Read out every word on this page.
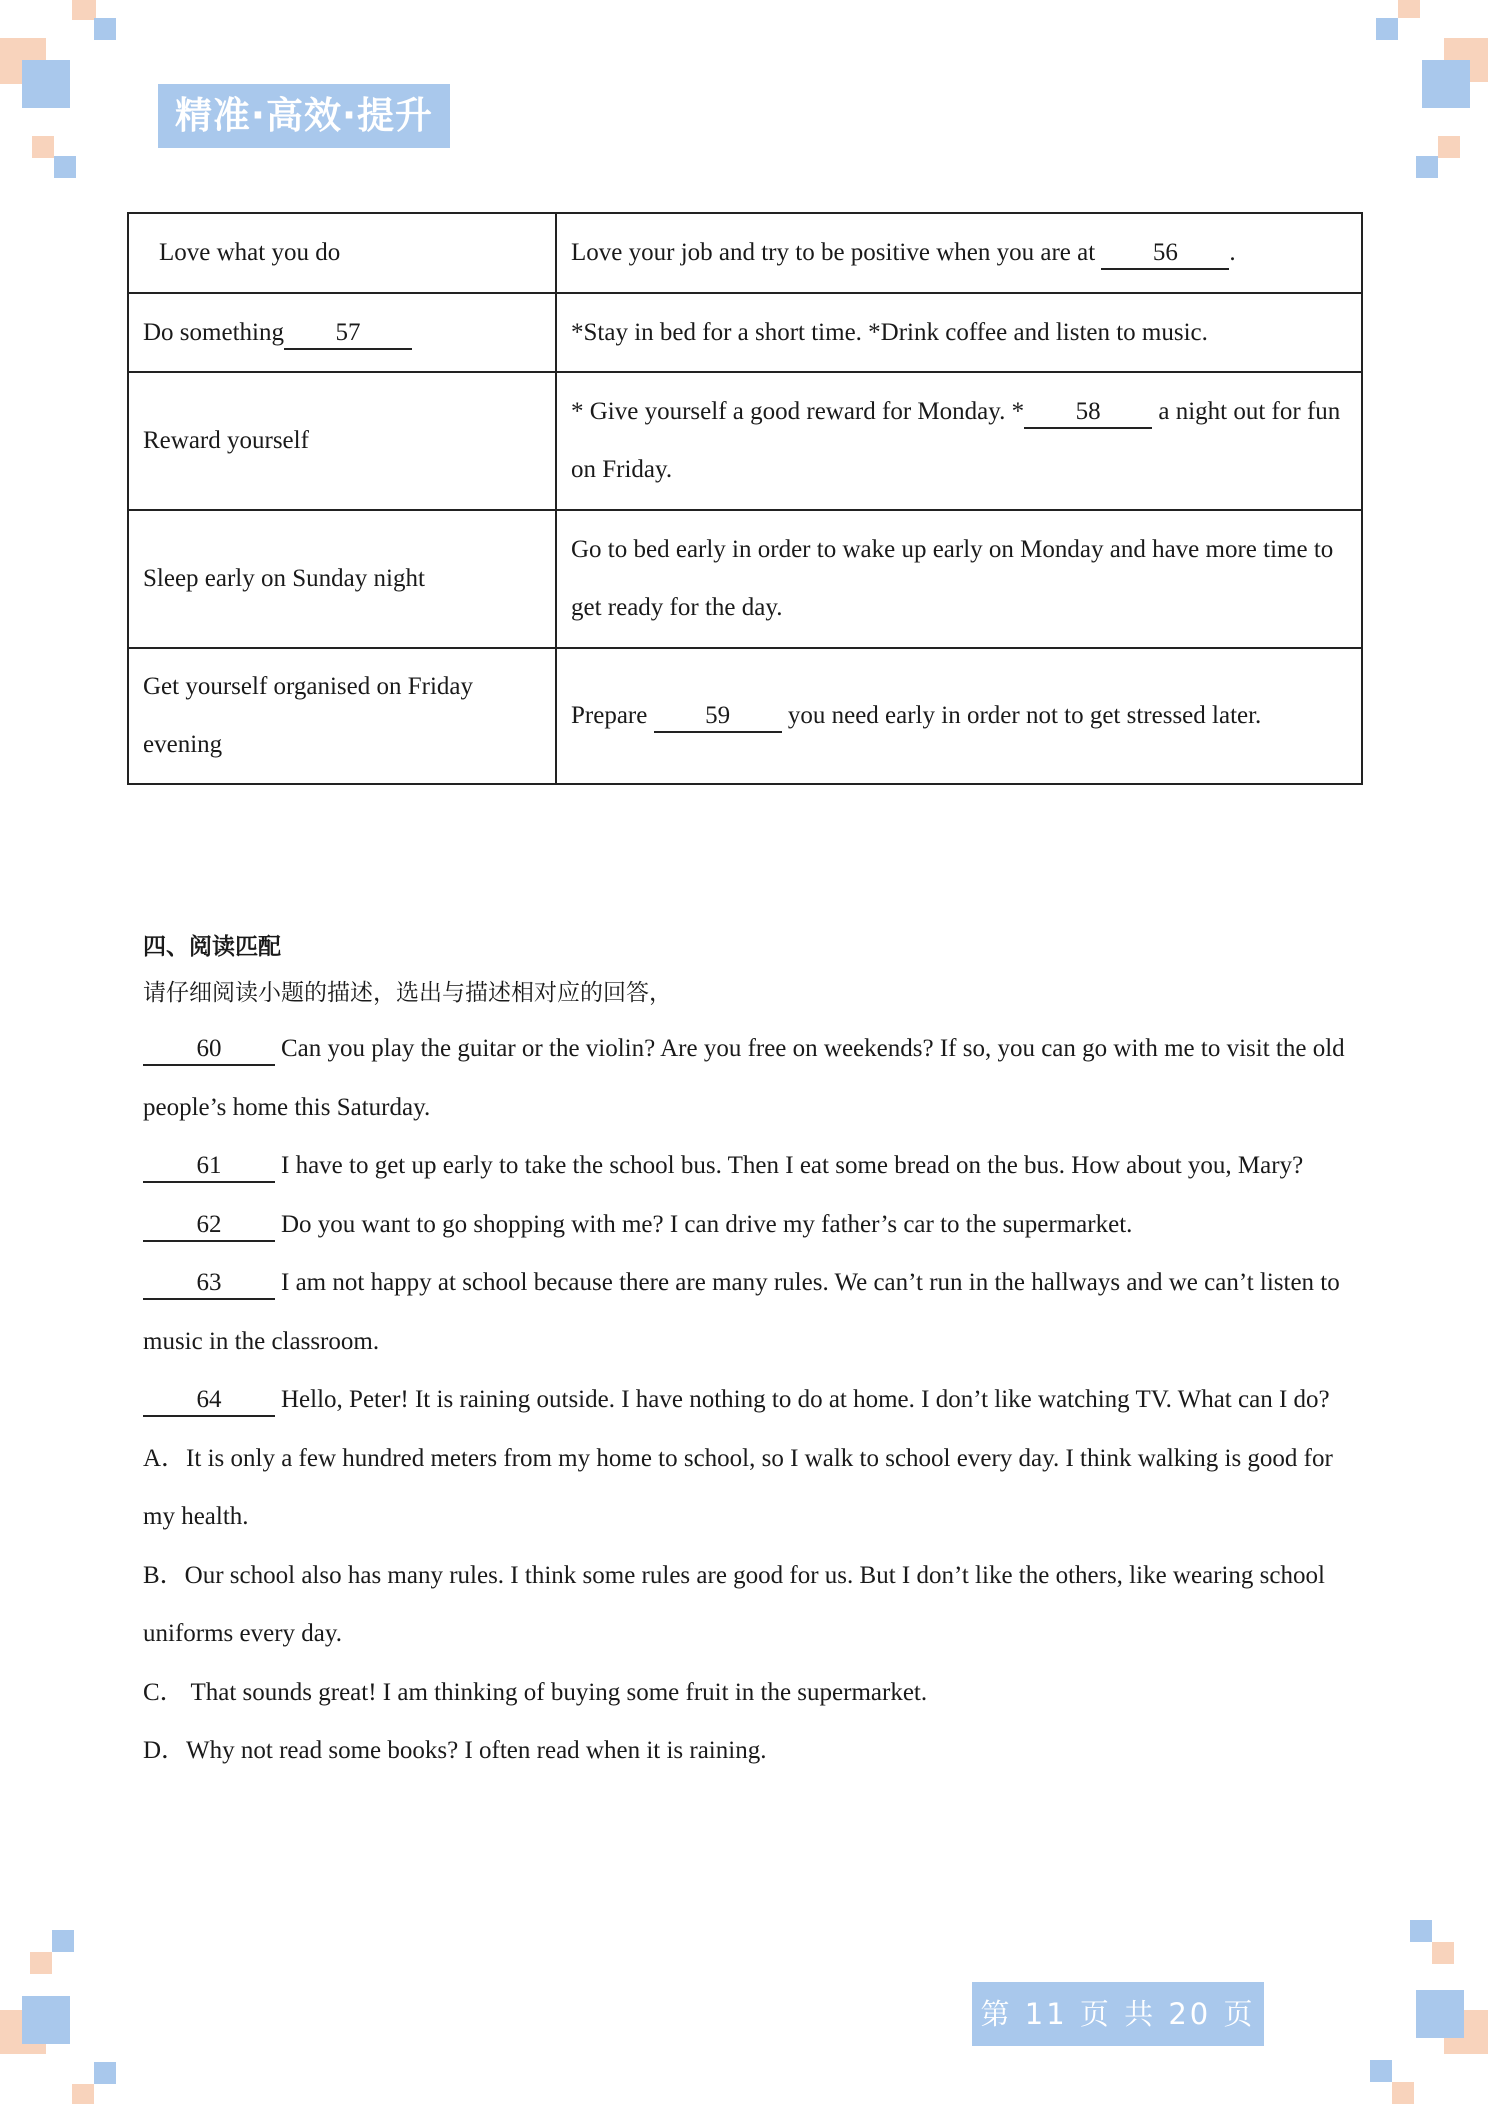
精准·高效·提升
Love what you do	Love your job and try to be positive when you are at 56 .
Do something 57	*Stay in bed for a short time. *Drink coffee and listen to music.
Reward yourself	* Give yourself a good reward for Monday. * 58 a night out for fun on Friday.
Sleep early on Sunday night	Go to bed early in order to wake up early on Monday and have more time to get ready for the day.
Get yourself organised on Friday evening	Prepare 59 you need early in order not to get stressed later.
四、阅读匹配
请仔细阅读小题的描述，选出与描述相对应的回答，

60 Can you play the guitar or the violin? Are you free on weekends? If so, you can go with me to visit the old people’s home this Saturday.

61 I have to get up early to take the school bus. Then I eat some bread on the bus. How about you, Mary?

62 Do you want to go shopping with me? I can drive my father’s car to the supermarket.

63 I am not happy at school because there are many rules. We can’t run in the hallways and we can’t listen to music in the classroom.

64 Hello, Peter! It is raining outside. I have nothing to do at home. I don’t like watching TV. What can I do?

A．It is only a few hundred meters from my home to school, so I walk to school every day. I think walking is good for my health.

B．Our school also has many rules. I think some rules are good for us. But I don’t like the others, like wearing school uniforms every day.

C． That sounds great! I am thinking of buying some fruit in the supermarket.

D．Why not read some books? I often read when it is raining.

第 11 页 共 20 页
